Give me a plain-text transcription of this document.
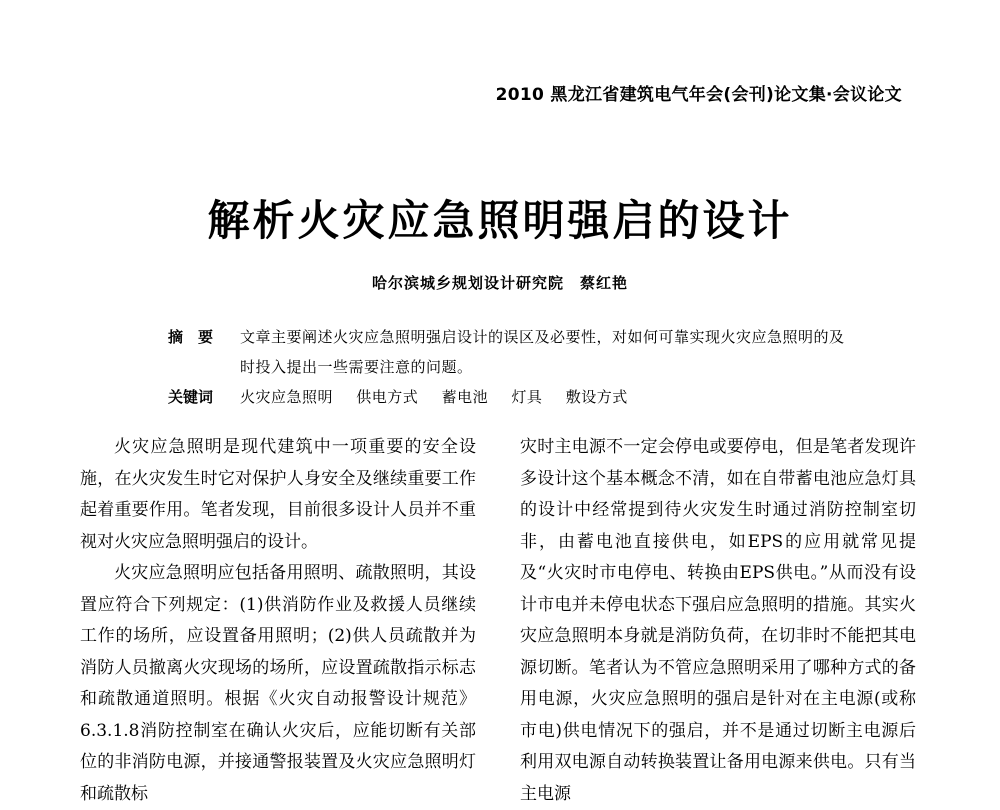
2010 黑龙江省建筑电气年会(会刊)论文集·会议论文
解析火灾应急照明强启的设计
哈尔滨城乡规划设计研究院 蔡红艳
摘　要	文章主要阐述火灾应急照明强启设计的误区及必要性，对如何可靠实现火灾应急照明的及时投入提出一些需要注意的问题。
关键词	火灾应急照明 供电方式 蓄电池 灯具 敷设方式

火灾应急照明是现代建筑中一项重要的安全设施，在火灾发生时它对保护人身安全及继续重要工作起着重要作用。笔者发现，目前很多设计人员并不重视对火灾应急照明强启的设计。

火灾应急照明应包括备用照明、疏散照明，其设置应符合下列规定：(1)供消防作业及救援人员继续工作的场所，应设置备用照明；(2)供人员疏散并为消防人员撤离火灾现场的场所，应设置疏散指示标志和疏散通道照明。根据《火灾自动报警设计规范》6.3.1.8消防控制室在确认火灾后，应能切断有关部位的非消防电源，并接通警报装置及火灾应急照明灯和疏散标

灾时主电源不一定会停电或要停电，但是笔者发现许多设计这个基本概念不清，如在自带蓄电池应急灯具的设计中经常提到待火灾发生时通过消防控制室切非，由蓄电池直接供电，如EPS的应用就常见提及“火灾时市电停电、转换由EPS供电。”从而没有设计市电并未停电状态下强启应急照明的措施。其实火灾应急照明本身就是消防负荷，在切非时不能把其电源切断。笔者认为不管应急照明采用了哪种方式的备用电源，火灾应急照明的强启是针对在主电源(或称市电)供电情况下的强启，并不是通过切断主电源后利用双电源自动转换装置让备用电源来供电。只有当主电源
